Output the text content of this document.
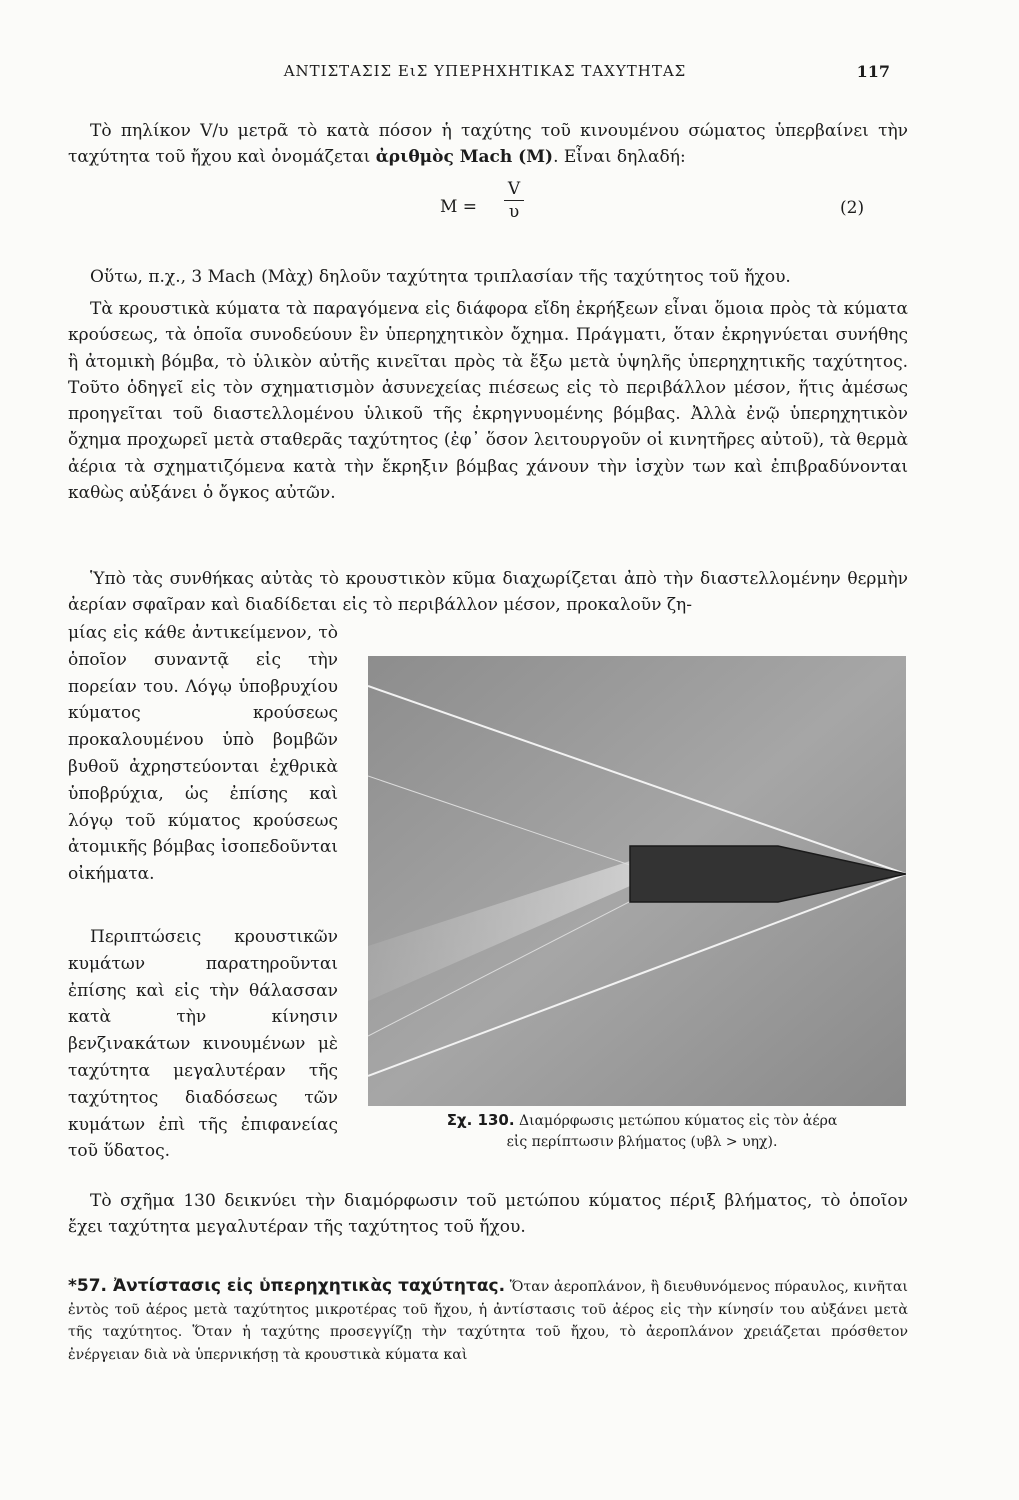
ΑΝΤΙΣΤΑΣΙΣ ΕιΣ ΥΠΕΡΗΧΗΤΙΚΑΣ ΤΑΧΥΤΗΤΑΣ	117

Τὸ πηλίκον V/υ μετρᾶ τὸ κατὰ πόσον ἡ ταχύτης τοῦ κινουμένου σώματος ὑπερβαίνει τὴν ταχύτητα τοῦ ἤχου καὶ ὀνομάζεται ἀριθμὸς Mach (M). Εἶναι δηλαδή:

M =
V
υ	(2)

Οὕτω, π.χ., 3 Mach (Μὰχ) δηλοῦν ταχύτητα τριπλασίαν τῆς ταχύτητος τοῦ ἤχου.

Τὰ κρουστικὰ κύματα τὰ παραγόμενα εἰς διάφορα εἴδη ἐκρήξεων εἶναι ὅμοια πρὸς τὰ κύματα κρούσεως, τὰ ὁποῖα συνοδεύουν ἓν ὑπερηχητικὸν ὄχημα. Πράγματι, ὅταν ἐκρηγνύεται συνήθης ἢ ἀτομικὴ βόμβα, τὸ ὑλικὸν αὐτῆς κινεῖται πρὸς τὰ ἔξω μετὰ ὑψηλῆς ὑπερηχητικῆς ταχύτητος. Τοῦτο ὁδηγεῖ εἰς τὸν σχηματισμὸν ἀσυνεχείας πιέσεως εἰς τὸ περιβάλλον μέσον, ἥτις ἀμέσως προηγεῖται τοῦ διαστελλομένου ὑλικοῦ τῆς ἐκρηγνυομένης βόμβας. Ἀλλὰ ἐνῷ ὑπερηχητικὸν ὄχημα προχωρεῖ μετὰ σταθερᾶς ταχύτητος (ἐφ᾽ ὅσον λειτουργοῦν οἱ κινητῆρες αὐτοῦ), τὰ θερμὰ ἀέρια τὰ σχηματιζόμενα κατὰ τὴν ἔκρηξιν βόμβας χάνουν τὴν ἰσχὺν των καὶ ἐπιβραδύνονται καθὼς αὐξάνει ὁ ὄγκος αὐτῶν.

Ὑπὸ τὰς συνθήκας αὐτὰς τὸ κρουστικὸν κῦμα διαχωρίζεται ἀπὸ τὴν διαστελλομένην θερμὴν ἀερίαν σφαῖραν καὶ διαδίδεται εἰς τὸ περιβάλλον μέσον, προκαλοῦν ζη-

μίας εἰς κάθε ἀντικείμενον, τὸ ὁποῖον συναντᾷ εἰς τὴν πορείαν του. Λόγῳ ὑποβρυχίου κύματος κρούσεως προκαλουμένου ὑπὸ βομβῶν βυθοῦ ἀχρηστεύονται ἐχθρικὰ ὑποβρύχια, ὡς ἐπίσης καὶ λόγῳ τοῦ κύματος κρούσεως ἀτομικῆς βόμβας ἰσοπεδοῦνται οἰκήματα.

Περιπτώσεις κρουστικῶν κυμάτων παρατηροῦνται ἐπίσης καὶ εἰς τὴν θάλασσαν κατὰ τὴν κίνησιν βενζινακάτων κινουμένων μὲ ταχύτητα μεγαλυτέραν τῆς ταχύτητος διαδόσεως τῶν κυμάτων ἐπὶ τῆς ἐπιφανείας τοῦ ὕδατος.

Σχ. 130. Διαμόρφωσις μετώπου κύματος εἰς τὸν ἀέρα
εἰς περίπτωσιν βλήματος (υβλ > υηχ).

Τὸ σχῆμα 130 δεικνύει τὴν διαμόρφωσιν τοῦ μετώπου κύματος πέριξ βλήματος, τὸ ὁποῖον ἔχει ταχύτητα μεγαλυτέραν τῆς ταχύτητος τοῦ ἤχου.

*57. Ἀντίστασις εἰς ὑπερηχητικὰς ταχύτητας. Ὅταν ἀεροπλάνον, ἢ διευθυνόμενος πύραυλος, κινῆται ἐντὸς τοῦ ἀέρος μετὰ ταχύτητος μικροτέρας τοῦ ἤχου, ἡ ἀντίστασις τοῦ ἀέρος εἰς τὴν κίνησίν του αὐξάνει μετὰ τῆς ταχύτητος. Ὅταν ἡ ταχύτης προσεγγίζῃ τὴν ταχύτητα τοῦ ἤχου, τὸ ἀεροπλάνον χρειάζεται πρόσθετον ἐνέργειαν διὰ νὰ ὑπερνικήσῃ τὰ κρουστικὰ κύματα καὶ
